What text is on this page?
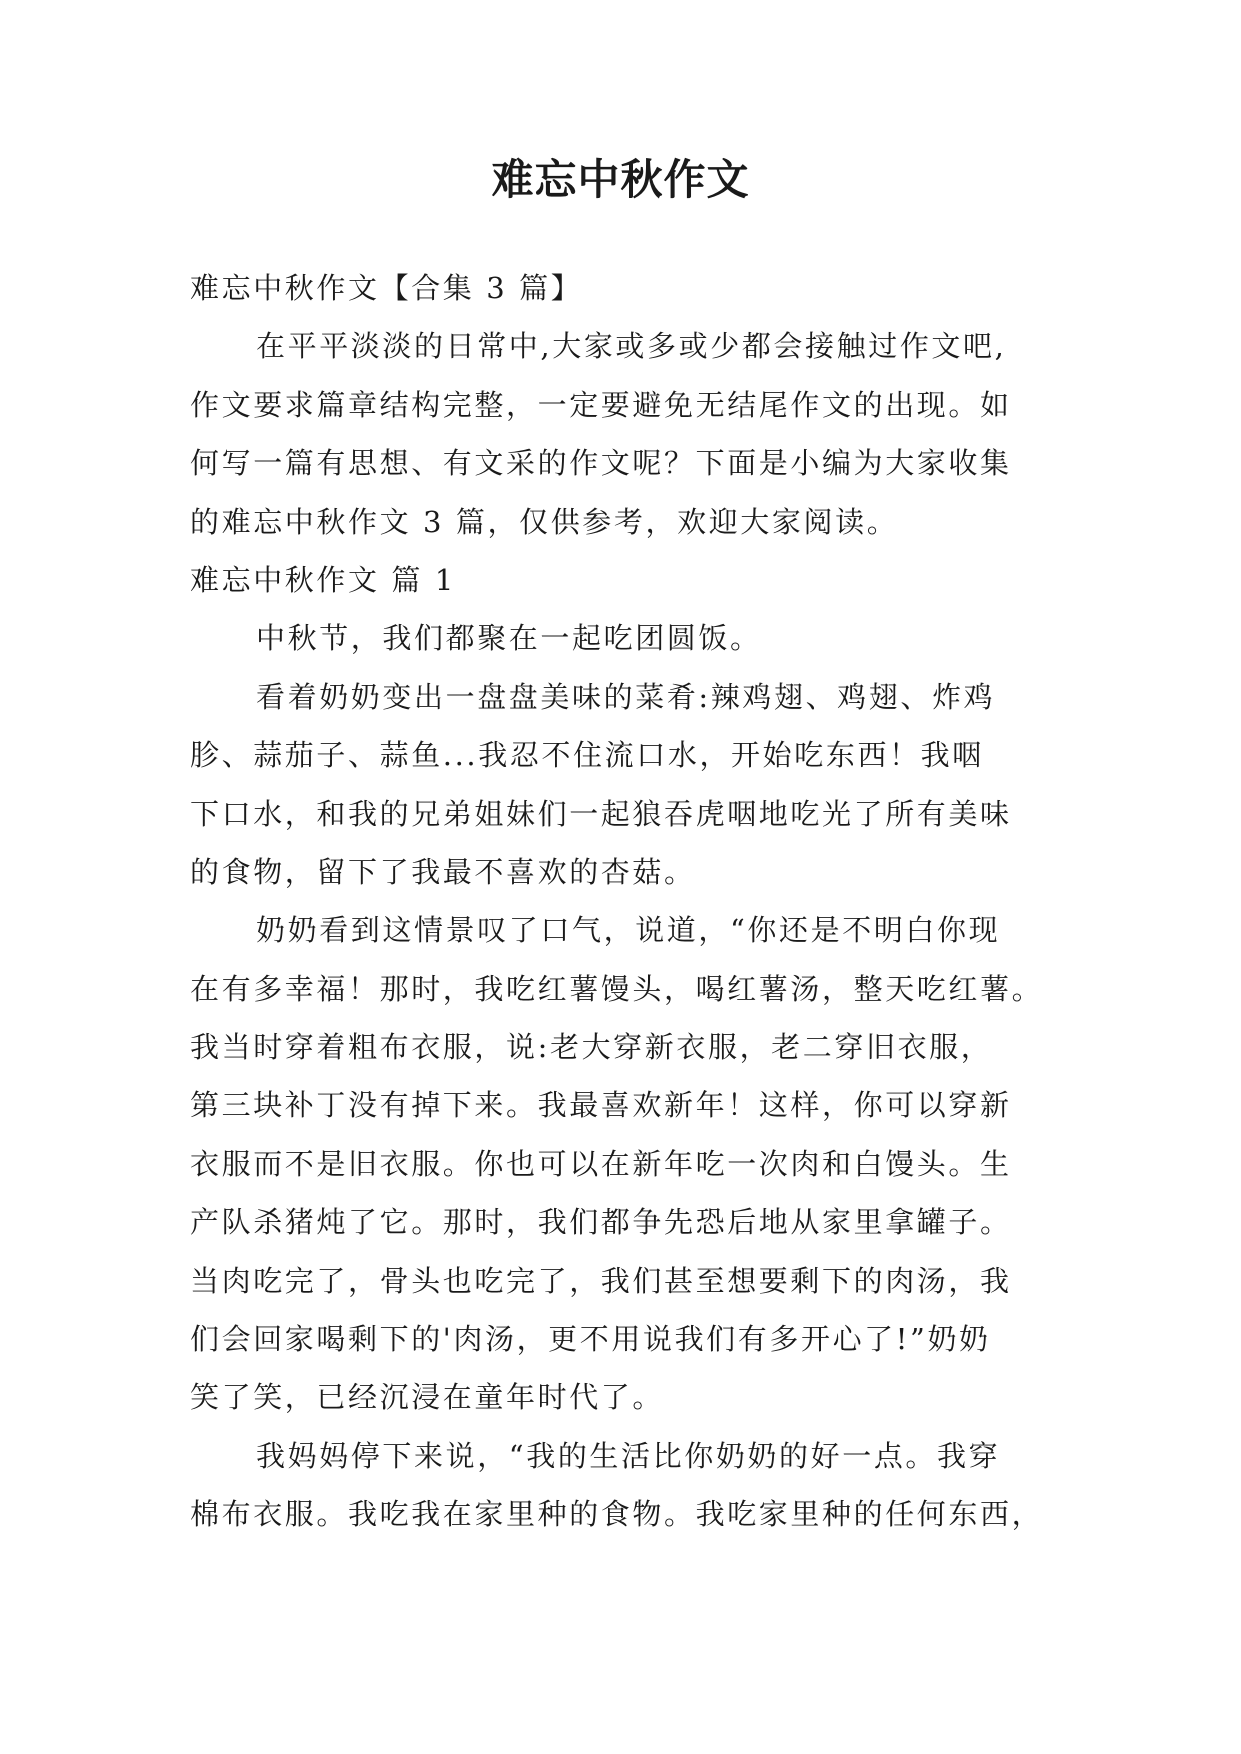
难忘中秋作文
难忘中秋作文【合集 3 篇】
在平平淡淡的日常中,大家或多或少都会接触过作文吧,
作文要求篇章结构完整，一定要避免无结尾作文的出现。如
何写一篇有思想、有文采的作文呢？下面是小编为大家收集
的难忘中秋作文 3 篇，仅供参考，欢迎大家阅读。
难忘中秋作文 篇 1
中秋节，我们都聚在一起吃团圆饭。
看着奶奶变出一盘盘美味的菜肴:辣鸡翅、鸡翅、炸鸡
胗、蒜茄子、蒜鱼...我忍不住流口水，开始吃东西！我咽
下口水，和我的兄弟姐妹们一起狼吞虎咽地吃光了所有美味
的食物，留下了我最不喜欢的杏菇。
奶奶看到这情景叹了口气，说道，“你还是不明白你现
在有多幸福！那时，我吃红薯馒头，喝红薯汤，整天吃红薯。
我当时穿着粗布衣服，说:老大穿新衣服，老二穿旧衣服，
第三块补丁没有掉下来。我最喜欢新年！这样，你可以穿新
衣服而不是旧衣服。你也可以在新年吃一次肉和白馒头。生
产队杀猪炖了它。那时，我们都争先恐后地从家里拿罐子。
当肉吃完了，骨头也吃完了，我们甚至想要剩下的肉汤，我
们会回家喝剩下的'肉汤，更不用说我们有多开心了!”奶奶
笑了笑，已经沉浸在童年时代了。
我妈妈停下来说，“我的生活比你奶奶的好一点。我穿
棉布衣服。我吃我在家里种的食物。我吃家里种的任何东西，
